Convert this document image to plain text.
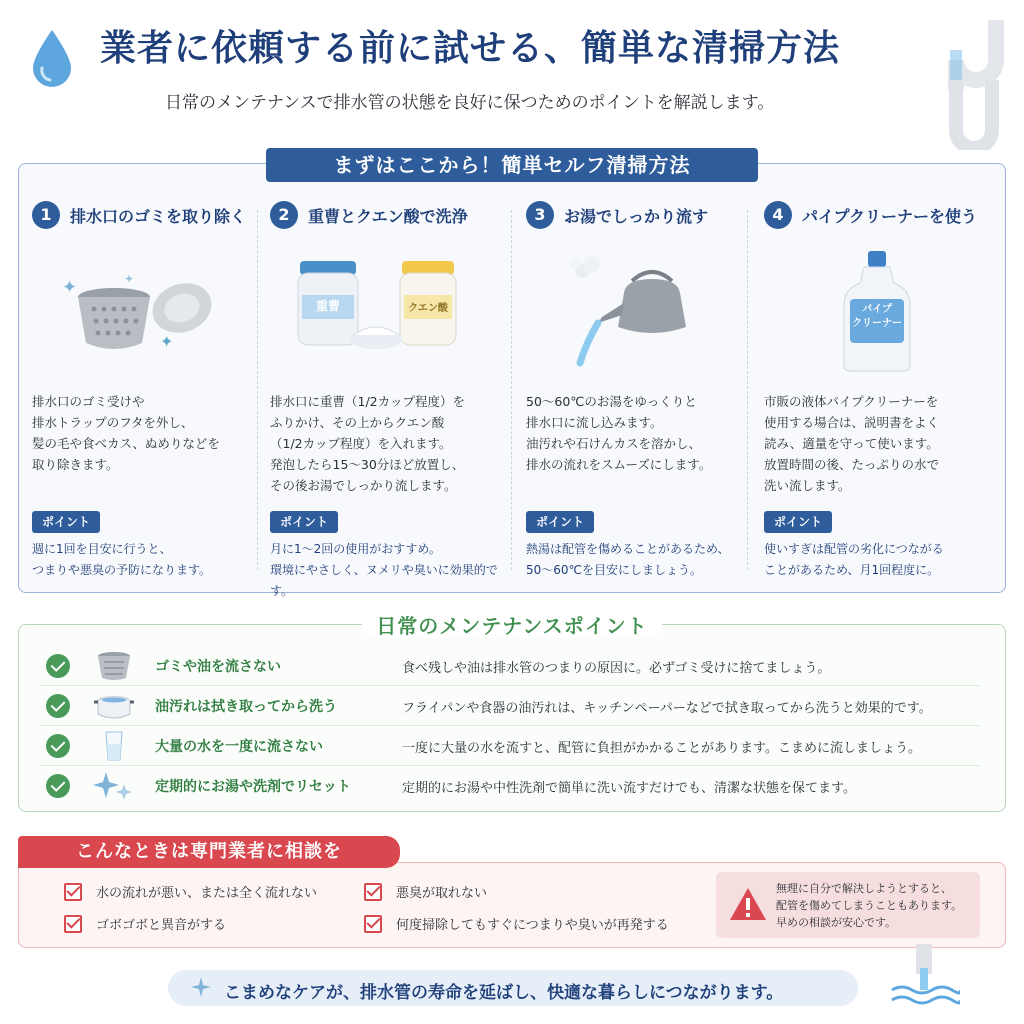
業者に依頼する前に試せる、簡単な清掃方法
日常のメンテナンスで排水管の状態を良好に保つためのポイントを解説します。
まずはここから！簡単セルフ清掃方法
1	排水口のゴミを取り除く
✦	✦
✦
排水口のゴミ受けや
排水トラップのフタを外し、
髪の毛や食べカス、ぬめりなどを
取り除きます。
ポイント
週に1回を目安に行うと、
つまりや悪臭の予防になります。
2	重曹とクエン酸で洗浄
重曹	クエン酸
排水口に重曹（1/2カップ程度）を
ふりかけ、その上からクエン酸
（1/2カップ程度）を入れます。
発泡したら15〜30分ほど放置し、
その後お湯でしっかり流します。
ポイント
月に1〜2回の使用がおすすめ。
環境にやさしく、ヌメリや臭いに効果的です。
3	お湯でしっかり流す
50〜60℃のお湯をゆっくりと
排水口に流し込みます。
油汚れや石けんカスを溶かし、
排水の流れをスムーズにします。
ポイント
熱湯は配管を傷めることがあるため、
50〜60℃を目安にしましょう。
4	パイプクリーナーを使う
パイプ
クリーナー
市販の液体パイプクリーナーを
使用する場合は、説明書をよく
読み、適量を守って使います。
放置時間の後、たっぷりの水で
洗い流します。
ポイント
使いすぎは配管の劣化につながる
ことがあるため、月1回程度に。
日常のメンテナンスポイント
ゴミや油を流さない	食べ残しや油は排水管のつまりの原因に。必ずゴミ受けに捨てましょう。
油汚れは拭き取ってから洗う	フライパンや食器の油汚れは、キッチンペーパーなどで拭き取ってから洗うと効果的です。
大量の水を一度に流さない	一度に大量の水を流すと、配管に負担がかかることがあります。こまめに流しましょう。
定期的にお湯や洗剤でリセット	定期的にお湯や中性洗剤で簡単に洗い流すだけでも、清潔な状態を保てます。
こんなときは専門業者に相談を
水の流れが悪い、または全く流れない	悪臭が取れない
ゴボゴボと異音がする	何度掃除してもすぐにつまりや臭いが再発する
無理に自分で解決しようとすると、
配管を傷めてしまうこともあります。
早めの相談が安心です。
こまめなケアが、排水管の寿命を延ばし、快適な暮らしにつながります。
